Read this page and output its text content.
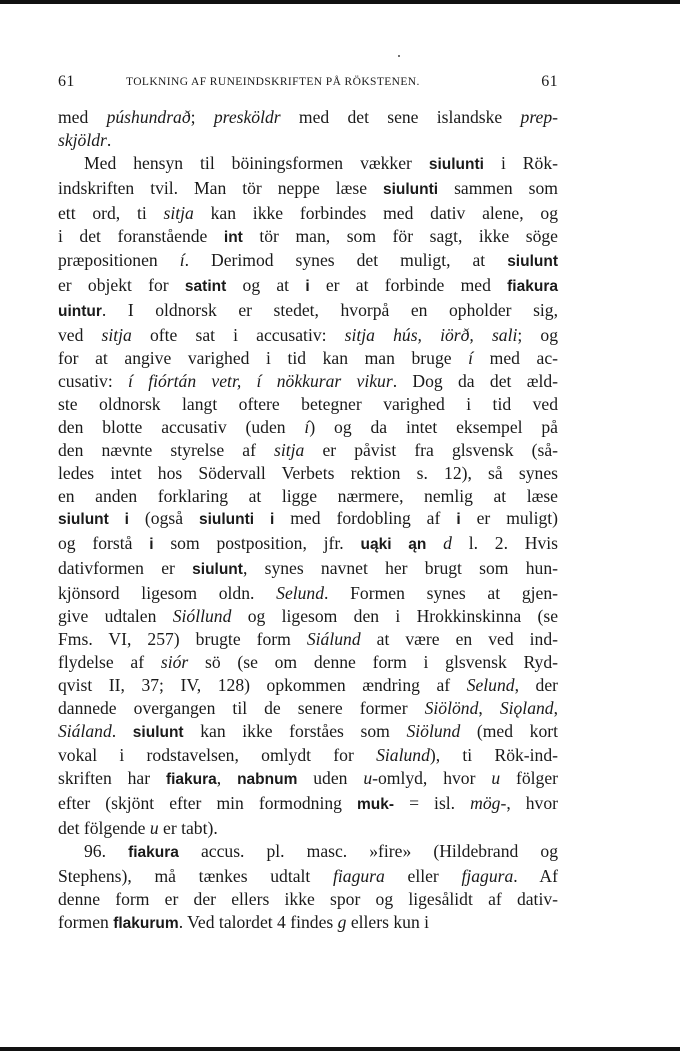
61	TOLKNING AF RUNEINDSKRIFTEN PÅ RÖKSTENEN.	61
med púshundrað; presköldr med det sene islandske prep-
skjöldr.
Med hensyn til böiningsformen vækker siulunti i Rök-
indskriften tvil. Man tör neppe læse siulunti sammen som
ett ord, ti sitja kan ikke forbindes med dativ alene, og
i det foranstående int tör man, som för sagt, ikke söge
præpositionen í. Derimod synes det muligt, at siulunt
er objekt for satint og at i er at forbinde med fiakura
uintur. I oldnorsk er stedet, hvorpå en opholder sig,
ved sitja ofte sat i accusativ: sitja hús, iörð, sali; og
for at angive varighed i tid kan man bruge í med ac-
cusativ: í fiórtán vetr, í nökkurar vikur. Dog da det æld-
ste oldnorsk langt oftere betegner varighed i tid ved
den blotte accusativ (uden í) og da intet eksempel på
den nævnte styrelse af sitja er påvist fra glsvensk (så-
ledes intet hos Södervall Verbets rektion s. 12), så synes
en anden forklaring at ligge nærmere, nemlig at læse
siulunt i (også siulunti i med fordobling af i er muligt)
og forstå i som postposition, jfr. uąki ąn d l. 2. Hvis
dativformen er siulunt, synes navnet her brugt som hun-
kjönsord ligesom oldn. Selund. Formen synes at gjen-
give udtalen Sióllund og ligesom den i Hrokkinskinna (se
Fms. VI, 257) brugte form Siálund at være en ved ind-
flydelse af siór sö (se om denne form i glsvensk Ryd-
qvist II, 37; IV, 128) opkommen ændring af Selund, der
dannede overgangen til de senere former Siölönd, Siǫland,
Siáland. siulunt kan ikke forståes som Siölund (med kort
vokal i rodstavelsen, omlydt for Sialund), ti Rök-ind-
skriften har fiakura, nabnum uden u-omlyd, hvor u fölger
efter (skjönt efter min formodning muk- = isl. mög-, hvor
det fölgende u er tabt).
96. fiakura accus. pl. masc. »fire» (Hildebrand og
Stephens), må tænkes udtalt fiagura eller fjagura. Af
denne form er der ellers ikke spor og ligesålidt af dativ-
formen flakurum. Ved talordet 4 findes g ellers kun i
